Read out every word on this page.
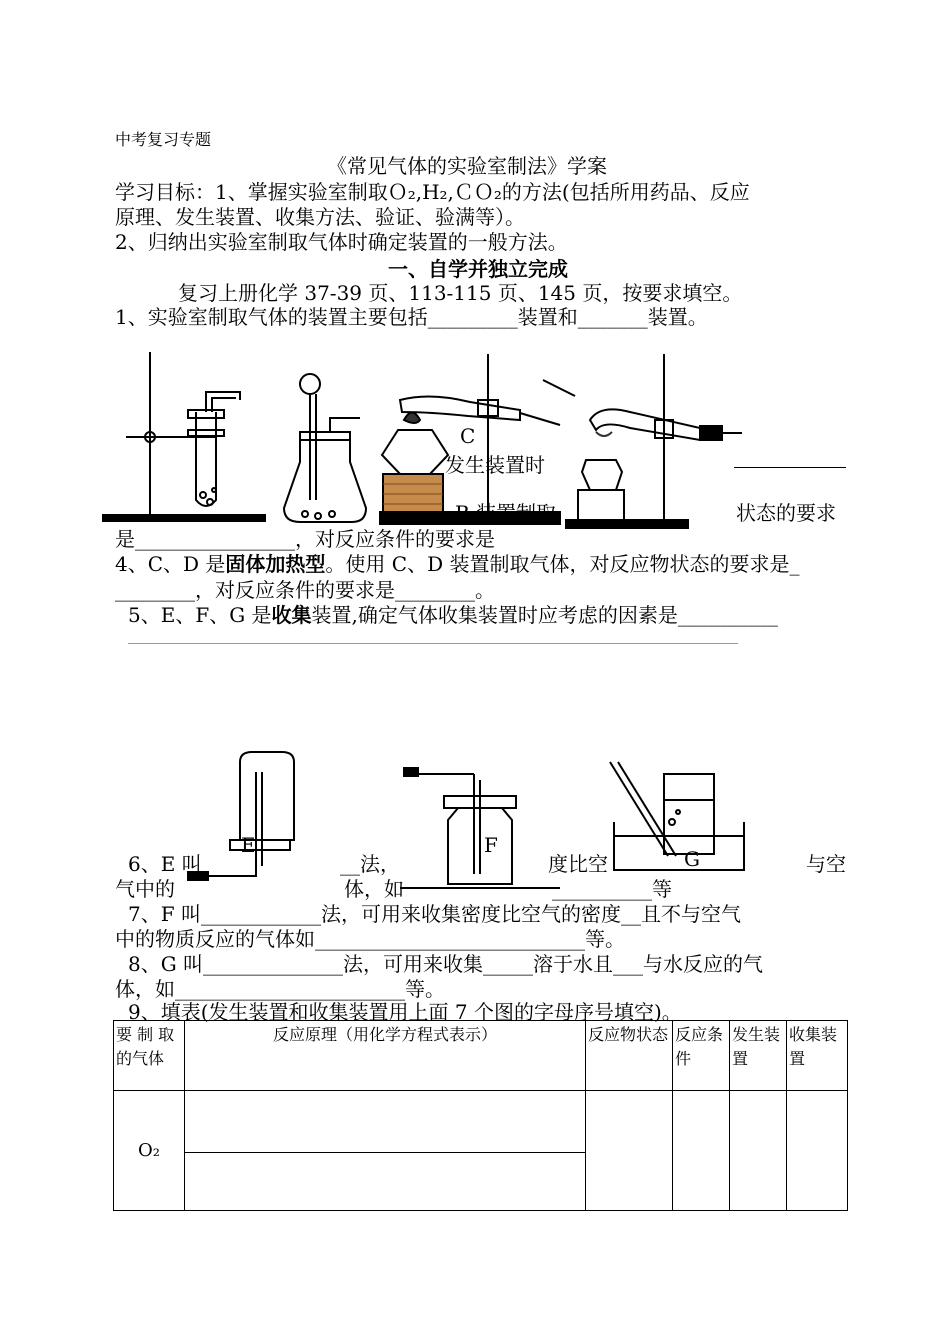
中考复习专题
《常见气体的实验室制法》学案
学习目标：1、掌握实验室制取Ｏ₂,H₂,ＣＯ₂的方法(包括所用药品、反应
原理、发生装置、收集方法、验证、验满等）。
2、归纳出实验室制取气体时确定装置的一般方法。
一、自学并独立完成
复习上册化学 37-39 页、113-115 页、145 页，按要求填空。
1、实验室制取气体的装置主要包括_________装置和_______装置。
C
发生装置时
B 装置制取	状态的要求
是________________，对反应条件的要求是
4、C、D 是固体加热型。使用 C、D 装置制取气体，对反应物状态的要求是_
________，对反应条件的要求是________。
5、E、F、G 是收集装置,确定气体收集装置时应考虑的因素是__________
E	F
G
6、E 叫	__法，	度比空	与空
气中的	体，如	__________等
7、F 叫____________法，可用来收集密度比空气的密度__且不与空气
中的物质反应的气体如___________________________等。
8、G 叫______________法，可用来收集_____溶于水且___与水反应的气
体，如_______________________等。
9、填表(发生装置和收集装置用上面 7 个图的字母序号填空)。
要 制 取的气体	反应原理（用化学方程式表示）	反应物状态	反应条件	发生装置	收集装置
O₂					
